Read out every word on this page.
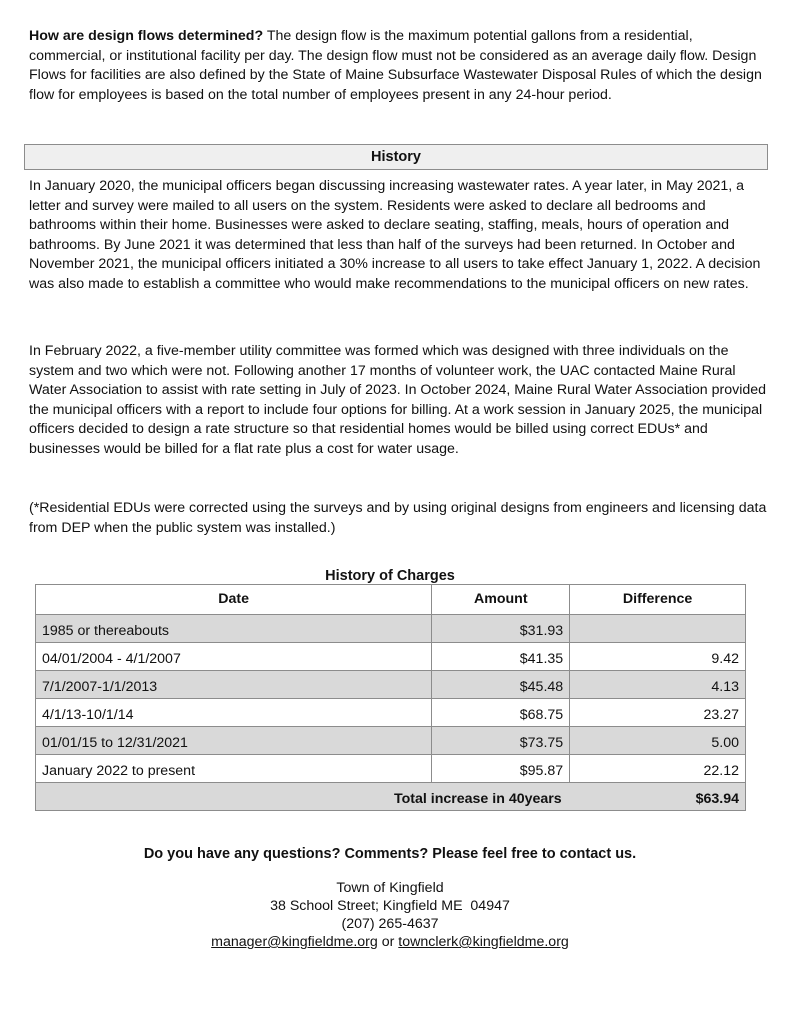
How are design flows determined? The design flow is the maximum potential gallons from a residential, commercial, or institutional facility per day. The design flow must not be considered as an average daily flow. Design Flows for facilities are also defined by the State of Maine Subsurface Wastewater Disposal Rules of which the design flow for employees is based on the total number of employees present in any 24-hour period.

History

In January 2020, the municipal officers began discussing increasing wastewater rates. A year later, in May 2021, a letter and survey were mailed to all users on the system. Residents were asked to declare all bedrooms and bathrooms within their home. Businesses were asked to declare seating, staffing, meals, hours of operation and bathrooms. By June 2021 it was determined that less than half of the surveys had been returned. In October and November 2021, the municipal officers initiated a 30% increase to all users to take effect January 1, 2022. A decision was also made to establish a committee who would make recommendations to the municipal officers on new rates.

In February 2022, a five-member utility committee was formed which was designed with three individuals on the system and two which were not. Following another 17 months of volunteer work, the UAC contacted Maine Rural Water Association to assist with rate setting in July of 2023. In October 2024, Maine Rural Water Association provided the municipal officers with a report to include four options for billing. At a work session in January 2025, the municipal officers decided to design a rate structure so that residential homes would be billed using correct EDUs* and businesses would be billed for a flat rate plus a cost for water usage.

(*Residential EDUs were corrected using the surveys and by using original designs from engineers and licensing data from DEP when the public system was installed.)

History of Charges
Date	Amount	Difference
1985 or thereabouts	$31.93	
04/01/2004 - 4/1/2007	$41.35	9.42
7/1/2007-1/1/2013	$45.48	4.13
4/1/13-10/1/14	$68.75	23.27
01/01/15 to 12/31/2021	$73.75	5.00
January 2022 to present	$95.87	22.12
Total increase in 40years		$63.94
Do you have any questions? Comments? Please feel free to contact us.
Town of Kingfield
38 School Street; Kingfield ME  04947
(207) 265-4637
manager@kingfieldme.org or townclerk@kingfieldme.org
